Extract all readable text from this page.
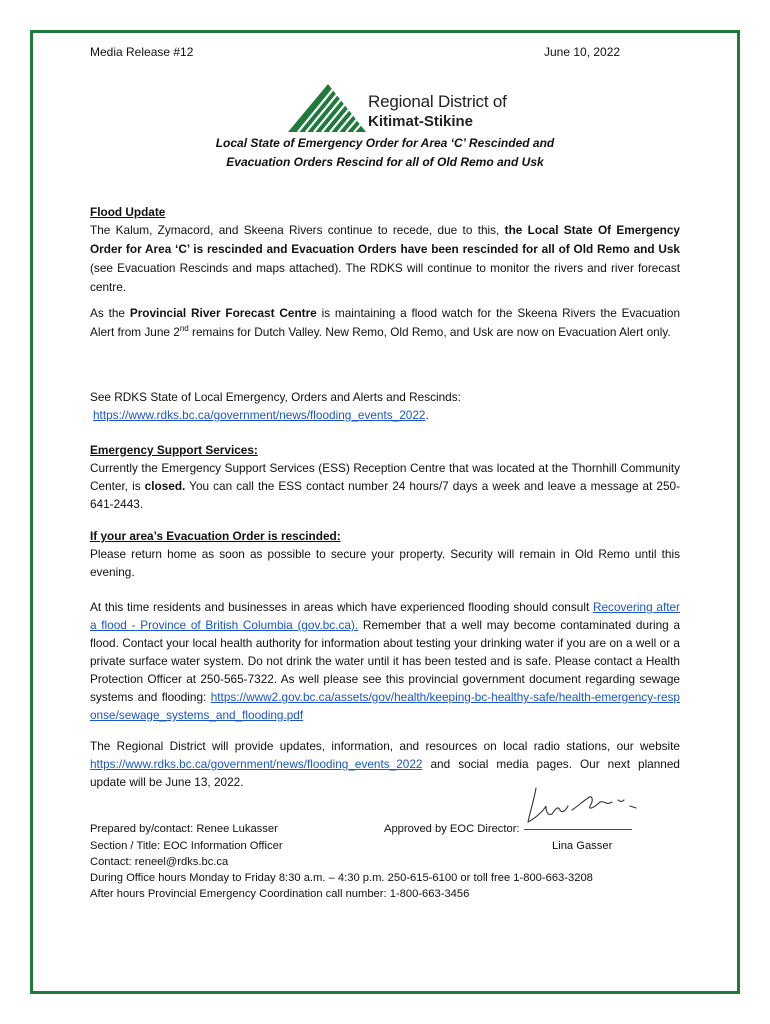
Media Release #12	June 10, 2022
Regional District of
Kitimat-Stikine
Local State of Emergency Order for Area ‘C’ Rescinded and
Evacuation Orders Rescind for all of Old Remo and Usk
Flood Update

The Kalum, Zymacord, and Skeena Rivers continue to recede, due to this, the Local State Of Emergency Order for Area ‘C’ is rescinded and Evacuation Orders have been rescinded for all of Old Remo and Usk (see Evacuation Rescinds and maps attached). The RDKS will continue to monitor the rivers and river forecast centre.

As the Provincial River Forecast Centre is maintaining a flood watch for the Skeena Rivers the Evacuation Alert from June 2nd remains for Dutch Valley. New Remo, Old Remo, and Usk are now on Evacuation Alert only.

See RDKS State of Local Emergency, Orders and Alerts and Rescinds:
https://www.rdks.bc.ca/government/news/flooding_events_2022.
Emergency Support Services:

Currently the Emergency Support Services (ESS) Reception Centre that was located at the Thornhill Community Center, is closed. You can call the ESS contact number 24 hours/7 days a week and leave a message at 250-641-2443.

If your area’s Evacuation Order is rescinded:

Please return home as soon as possible to secure your property. Security will remain in Old Remo until this evening.

At this time residents and businesses in areas which have experienced flooding should consult Recovering after a flood - Province of British Columbia (gov.bc.ca). Remember that a well may become contaminated during a flood. Contact your local health authority for information about testing your drinking water if you are on a well or a private surface water system. Do not drink the water until it has been tested and is safe. Please contact a Health Protection Officer at 250-565-7322. As well please see this provincial government document regarding sewage systems and flooding: https://www2.gov.bc.ca/assets/gov/health/keeping-bc-healthy-safe/health-emergency-response/sewage_systems_and_flooding.pdf
The Regional District will provide updates, information, and resources on local radio stations, our website https://www.rdks.bc.ca/government/news/flooding_events_2022 and social media pages. Our next planned update will be June 13, 2022.
Prepared by/contact: Renee Lukasser	Approved by EOC Director:
Section / Title: EOC Information Officer	Lina Gasser
Contact: reneel@rdks.bc.ca
During Office hours Monday to Friday 8:30 a.m. – 4:30 p.m. 250-615-6100 or toll free 1-800-663-3208
After hours Provincial Emergency Coordination call number: 1-800-663-3456
